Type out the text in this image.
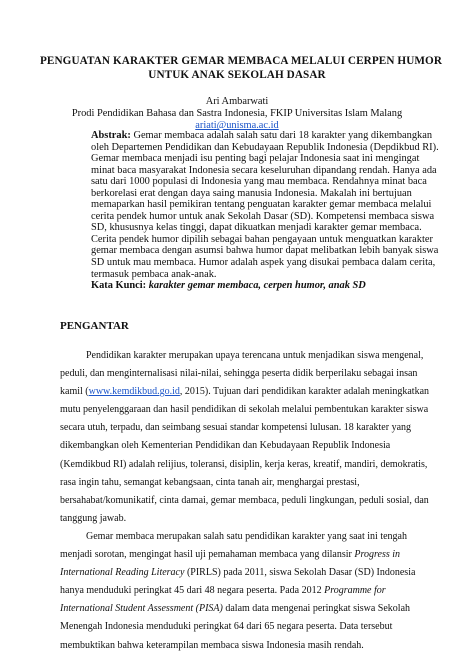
PENGUATAN KARAKTER GEMAR MEMBACA MELALUI CERPEN HUMOR
UNTUK ANAK SEKOLAH DASAR
Ari Ambarwati
Prodi Pendidikan Bahasa dan Sastra Indonesia, FKIP Universitas Islam Malang
ariati@unisma.ac.id
Abstrak: Gemar membaca adalah salah satu dari 18 karakter yang dikembangkan
oleh Departemen Pendidikan dan Kebudayaan Republik Indonesia (Depdikbud RI).
Gemar membaca menjadi isu penting bagi pelajar Indonesia saat ini mengingat
minat baca masyarakat Indonesia secara keseluruhan dipandang rendah. Hanya ada
satu dari 1000 populasi di Indonesia yang mau membaca. Rendahnya minat baca
berkorelasi erat dengan daya saing manusia Indonesia. Makalah ini bertujuan
memaparkan hasil pemikiran tentang penguatan karakter gemar membaca melalui
cerita pendek humor untuk anak Sekolah Dasar (SD). Kompetensi membaca siswa
SD, khususnya kelas tinggi, dapat dikuatkan menjadi karakter gemar membaca.
Cerita pendek humor dipilih sebagai bahan pengayaan untuk menguatkan karakter
gemar membaca dengan asumsi bahwa humor dapat melibatkan lebih banyak siswa
SD untuk mau membaca. Humor adalah aspek yang disukai pembaca dalam cerita,
termasuk pembaca anak-anak.
Kata Kunci: karakter gemar membaca, cerpen humor, anak SD
PENGANTAR
Pendidikan karakter merupakan upaya terencana untuk menjadikan siswa mengenal,
peduli, dan menginternalisasi nilai-nilai, sehingga peserta didik berperilaku sebagai insan
kamil (www.kemdikbud.go.id, 2015). Tujuan dari pendidikan karakter adalah meningkatkan
mutu penyelenggaraan dan hasil pendidikan di sekolah melalui pembentukan karakter siswa
secara utuh, terpadu, dan seimbang sesuai standar kompetensi lulusan. 18 karakter yang
dikembangkan oleh Kementerian Pendidikan dan Kebudayaan Republik Indonesia
(Kemdikbud RI) adalah relijius, toleransi, disiplin, kerja keras, kreatif, mandiri, demokratis,
rasa ingin tahu, semangat kebangsaan, cinta tanah air, menghargai prestasi,
bersahabat/komunikatif, cinta damai, gemar membaca, peduli lingkungan, peduli sosial, dan
tanggung jawab.
Gemar membaca merupakan salah satu pendidikan karakter yang saat ini tengah
menjadi sorotan, mengingat hasil uji pemahaman membaca yang dilansir Progress in
International Reading Literacy (PIRLS) pada 2011, siswa Sekolah Dasar (SD) Indonesia
hanya menduduki peringkat 45 dari 48 negara peserta. Pada 2012 Programme for
International Student Assessment (PISA) dalam data mengenai peringkat siswa Sekolah
Menengah Indonesia menduduki peringkat 64 dari 65 negara peserta. Data tersebut
membuktikan bahwa keterampilan membaca siswa Indonesia masih rendah.
